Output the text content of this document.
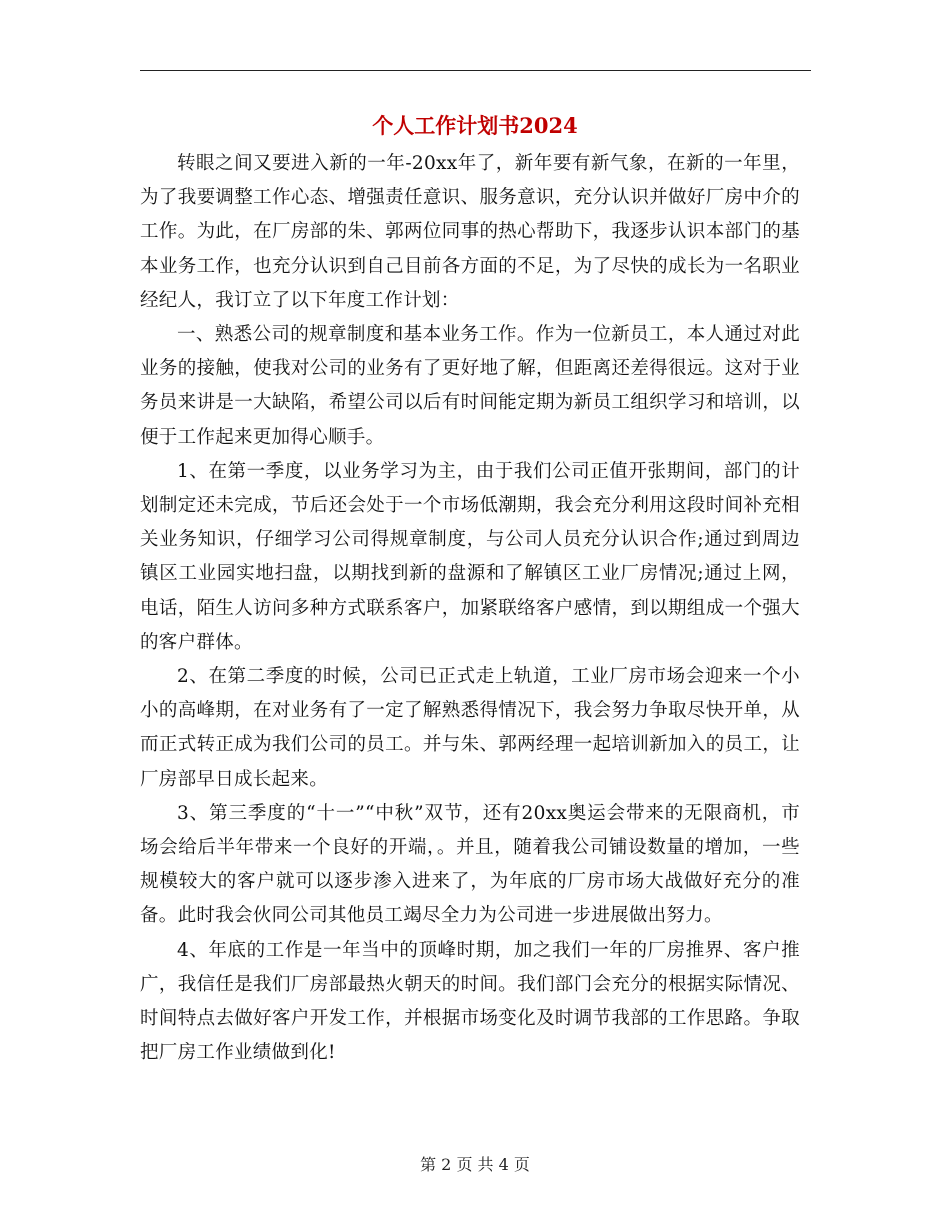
个人工作计划书2024

转眼之间又要进入新的一年-20xx年了，新年要有新气象，在新的一年里，为了我要调整工作心态、增强责任意识、服务意识，充分认识并做好厂房中介的工作。为此，在厂房部的朱、郭两位同事的热心帮助下，我逐步认识本部门的基本业务工作，也充分认识到自己目前各方面的不足，为了尽快的成长为一名职业经纪人，我订立了以下年度工作计划：

一、熟悉公司的规章制度和基本业务工作。作为一位新员工，本人通过对此业务的接触，使我对公司的业务有了更好地了解，但距离还差得很远。这对于业务员来讲是一大缺陷，希望公司以后有时间能定期为新员工组织学习和培训，以便于工作起来更加得心顺手。

1、在第一季度，以业务学习为主，由于我们公司正值开张期间，部门的计划制定还未完成，节后还会处于一个市场低潮期，我会充分利用这段时间补充相关业务知识，仔细学习公司得规章制度，与公司人员充分认识合作;通过到周边镇区工业园实地扫盘，以期找到新的盘源和了解镇区工业厂房情况;通过上网，电话，陌生人访问多种方式联系客户，加紧联络客户感情，到以期组成一个强大的客户群体。

2、在第二季度的时候，公司已正式走上轨道，工业厂房市场会迎来一个小小的高峰期，在对业务有了一定了解熟悉得情况下，我会努力争取尽快开单，从而正式转正成为我们公司的员工。并与朱、郭两经理一起培训新加入的员工，让厂房部早日成长起来。

3、第三季度的“十一”“中秋”双节，还有20xx奥运会带来的无限商机，市场会给后半年带来一个良好的开端，。并且，随着我公司铺设数量的增加，一些规模较大的客户就可以逐步渗入进来了，为年底的厂房市场大战做好充分的准备。此时我会伙同公司其他员工竭尽全力为公司进一步进展做出努力。

4、年底的工作是一年当中的顶峰时期，加之我们一年的厂房推界、客户推广，我信任是我们厂房部最热火朝天的时间。我们部门会充分的根据实际情况、时间特点去做好客户开发工作，并根据市场变化及时调节我部的工作思路。争取把厂房工作业绩做到化!

第 2 页 共 4 页
